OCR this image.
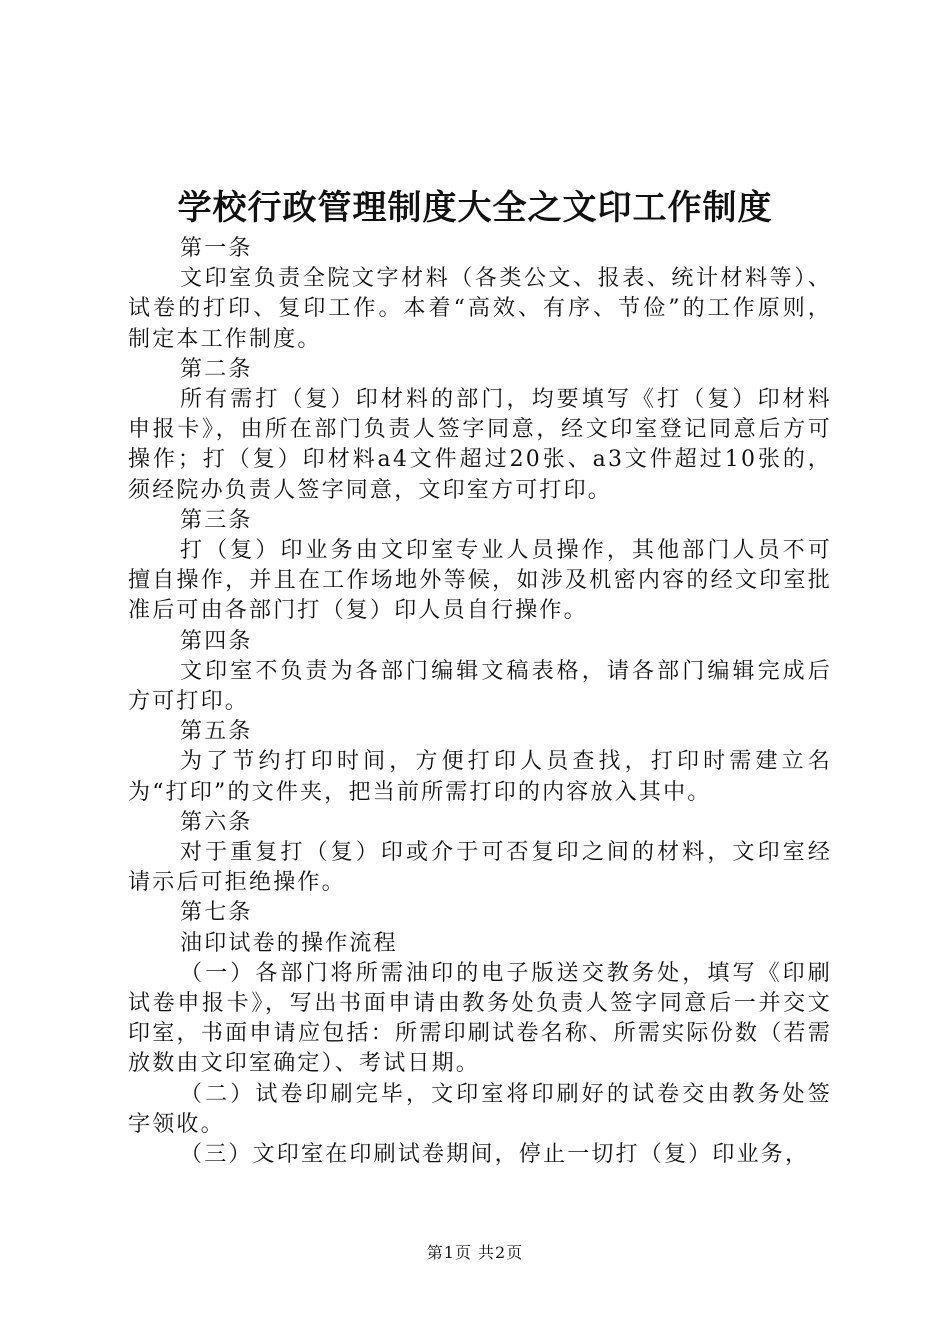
学校行政管理制度大全之文印工作制度

第一条

文印室负责全院文字材料（各类公文、报表、统计材料等）、试卷的打印、复印工作。本着“高效、有序、节俭”的工作原则，制定本工作制度。

第二条

所有需打（复）印材料的部门，均要填写《打（复）印材料申报卡》，由所在部门负责人签字同意，经文印室登记同意后方可操作；打（复）印材料a4文件超过20张、a3文件超过10张的，须经院办负责人签字同意，文印室方可打印。

第三条

打（复）印业务由文印室专业人员操作，其他部门人员不可擅自操作，并且在工作场地外等候，如涉及机密内容的经文印室批准后可由各部门打（复）印人员自行操作。

第四条

文印室不负责为各部门编辑文稿表格，请各部门编辑完成后方可打印。

第五条

为了节约打印时间，方便打印人员查找，打印时需建立名为“打印”的文件夹，把当前所需打印的内容放入其中。

第六条

对于重复打（复）印或介于可否复印之间的材料，文印室经请示后可拒绝操作。

第七条

油印试卷的操作流程

（一）各部门将所需油印的电子版送交教务处，填写《印刷试卷申报卡》，写出书面申请由教务处负责人签字同意后一并交文印室，书面申请应包括：所需印刷试卷名称、所需实际份数（若需放数由文印室确定）、考试日期。

（二）试卷印刷完毕，文印室将印刷好的试卷交由教务处签字领收。

（三）文印室在印刷试卷期间，停止一切打（复）印业务，

第1页 共2页
